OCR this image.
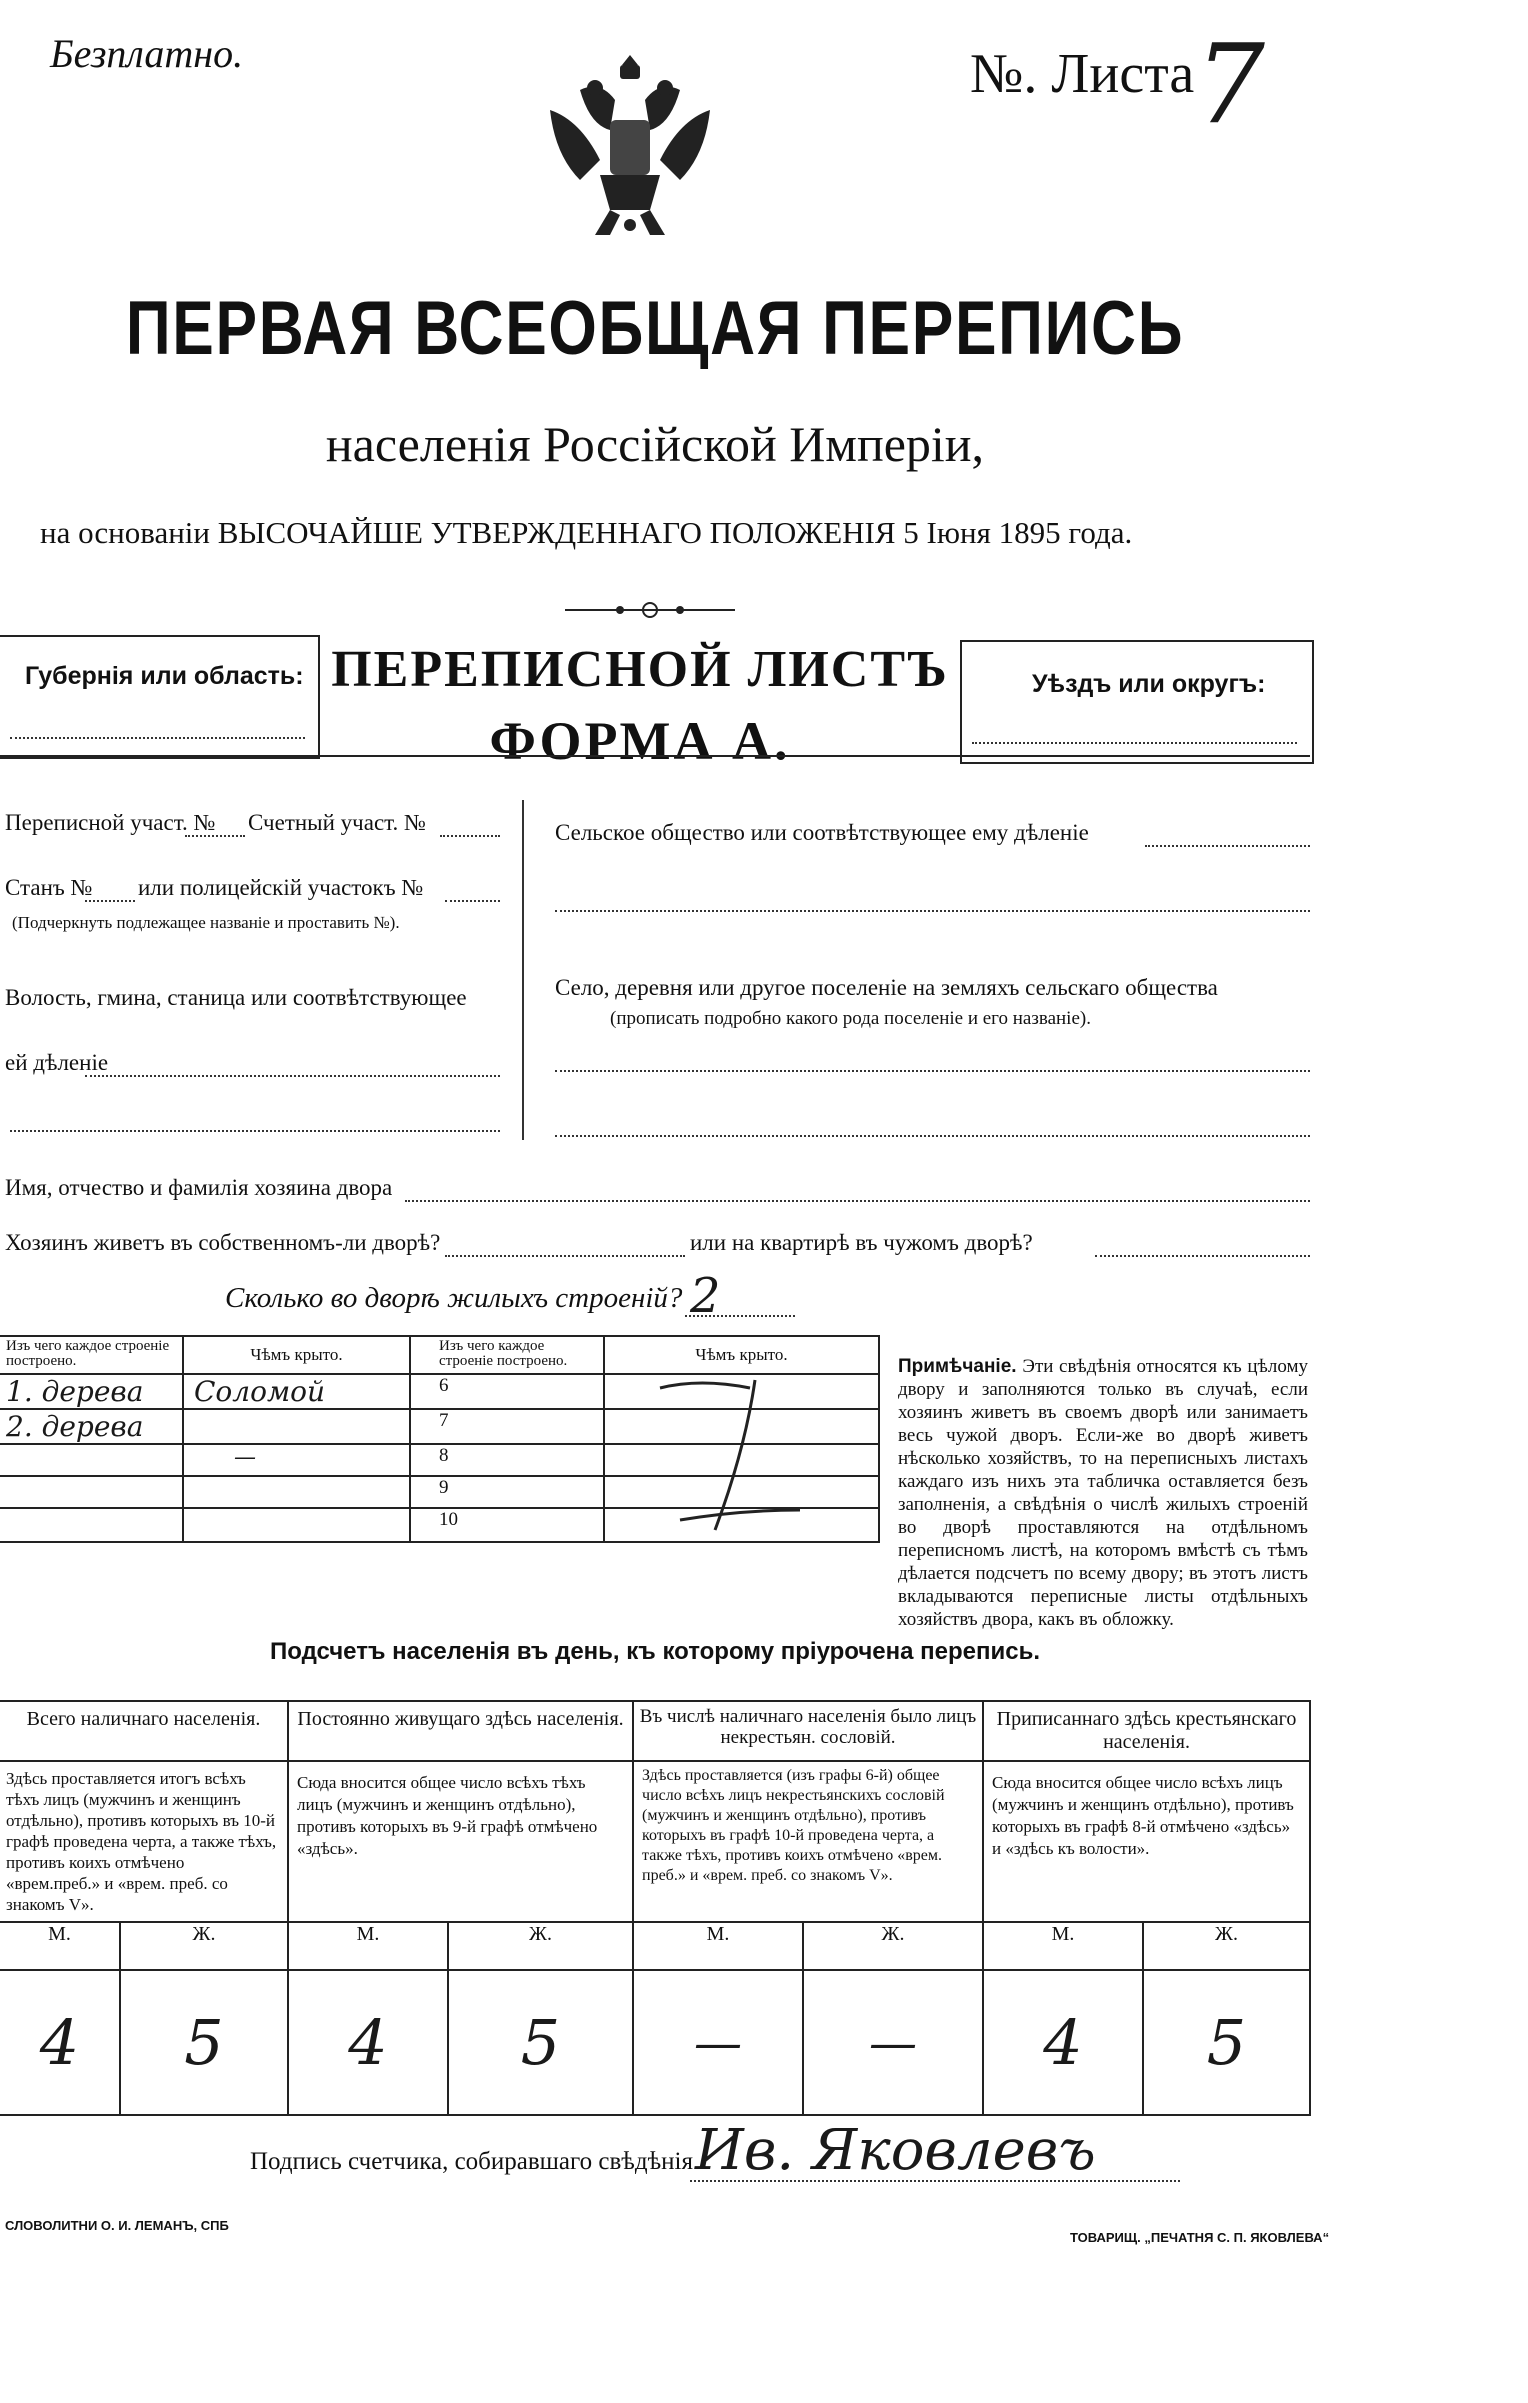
Безплатно.	№. Листа 7
ПЕРВАЯ ВСЕОБЩАЯ ПЕРЕПИСЬ
населенія Россійской Имперіи,
на основаніи ВЫСОЧАЙШЕ УТВЕРЖДЕННАГО ПОЛОЖЕНІЯ 5 Іюня 1895 года.
Губернія или область: ПЕРЕПИСНОЙ ЛИСТЪ
ФОРМА А.
Уѣздъ или округъ:
Переписной участ. № Счетный участ. №
Станъ № или полицейскій участокъ №
(Подчеркнуть подлежащее названіе и проставить №).
Волость, гмина, станица или соотвѣтствующее
ей дѣленіе
Сельское общество или соотвѣтствующее ему дѣленіе
Село, деревня или другое поселеніе на земляхъ сельскаго общества
(прописать подробно какого рода поселеніе и его названіе).
Имя, отчество и фамилія хозяина двора
Хозяинъ живетъ въ собственномъ-ли дворѣ?	или на квартирѣ въ чужомъ дворѣ?
Сколько во дворѣ жилыхъ строеній? 2
Изъ чего каждое строеніе построено.	Чѣмъ крыто.		Изъ чего каждое строеніе построено.	Чѣмъ крыто.

1. дерева	Соломой		6	

2. дерева			7	

	—		8	

			9	

			10	

Примѣчаніе. Эти свѣдѣнія относятся къ цѣлому двору и заполняются только въ случаѣ, если хозяинъ живетъ въ своемъ дворѣ или занимаетъ весь чужой дворъ. Если-же во дворѣ живетъ нѣсколько хозяйствъ, то на переписныхъ листахъ каждаго изъ нихъ эта табличка оставляется безъ заполненія, а свѣдѣнія о числѣ жилыхъ строеній во дворѣ проставляются на отдѣльномъ переписномъ листѣ, на которомъ вмѣстѣ съ тѣмъ дѣлается подсчетъ по всему двору; въ этотъ листъ вкладываются переписные листы отдѣльныхъ хозяйствъ двора, какъ въ обложку.
Подсчетъ населенія въ день, къ которому пріурочена перепись.
Всего наличнаго населенія.		Постоянно живущаго здѣсь населенія.		Въ числѣ наличнаго населенія было лицъ некрестьян. сословій.		Приписаннаго здѣсь крестьянскаго населенія.	

Здѣсь проставляется итогъ всѣхъ тѣхъ лицъ (мужчинъ и женщинъ отдѣльно), противъ которыхъ въ 10-й графѣ проведена черта, а также тѣхъ, противъ коихъ отмѣчено «врем.преб.» и «врем. преб. со знакомъ V».		Сюда вносится общее число всѣхъ тѣхъ лицъ (мужчинъ и женщинъ отдѣльно), противъ которыхъ въ 9-й графѣ отмѣчено «здѣсь».		Здѣсь проставляется (изъ графы 6-й) общее число всѣхъ лицъ некрестьянскихъ сословій (мужчинъ и женщинъ отдѣльно), противъ которыхъ въ графѣ 10-й проведена черта, а также тѣхъ, противъ коихъ отмѣчено «врем. преб.» и «врем. преб. со знакомъ V».		Сюда вносится общее число всѣхъ лицъ (мужчинъ и женщинъ отдѣльно), противъ которыхъ въ графѣ 8-й отмѣчено «здѣсь» и «здѣсь къ волости».	

М.	Ж.	М.	Ж.	М.	Ж.	М.	Ж.
4	5	4	5	—	—	4	5
Подпись счетчика, собиравшаго свѣдѣнія Ив. Яковлевъ
СЛОВОЛИТНИ О. И. ЛЕМАНЪ, СПБ
ТОВАРИЩ. „ПЕЧАТНЯ С. П. ЯКОВЛЕВА“
